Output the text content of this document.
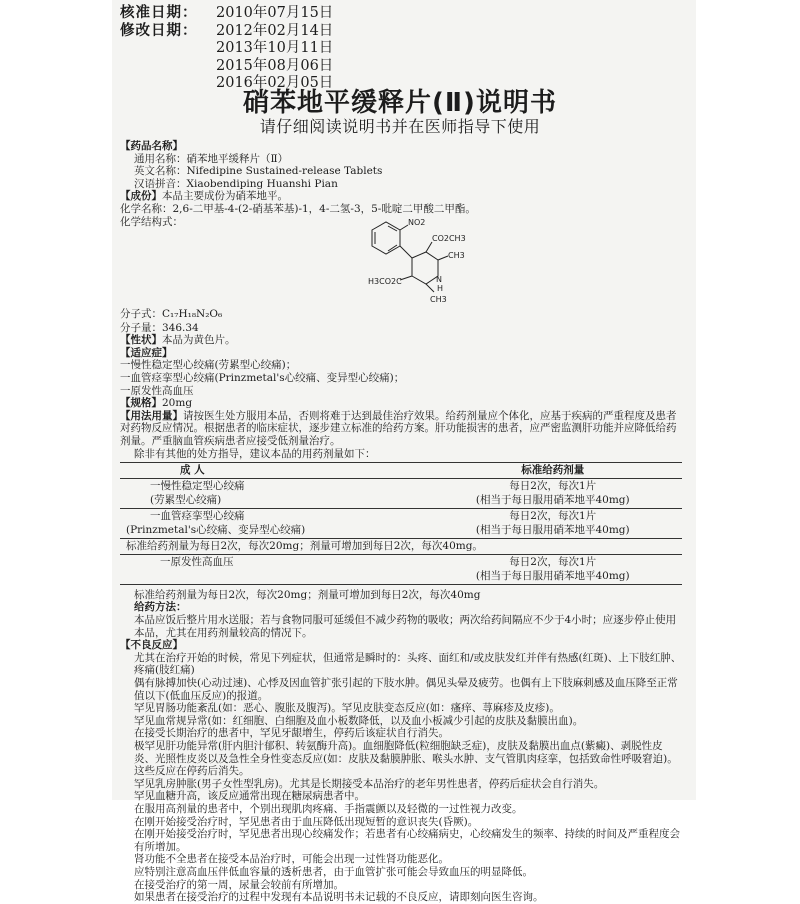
核准日期： 2010年07月15日
修改日期： 2012年02月14日
2013年10月11日
2015年08月06日
2016年02月05日
硝苯地平缓释片(Ⅱ)说明书
请仔细阅读说明书并在医师指导下使用

【药品名称】

通用名称：硝苯地平缓释片（Ⅱ）

英文名称：Nifedipine Sustained-release Tablets

汉语拼音：Xiaobendiping Huanshi Pian

【成份】本品主要成份为硝苯地平。

化学名称：2,6-二甲基-4-(2-硝基苯基)-1，4-二氢-3，5-吡啶二甲酸二甲酯。

化学结构式：	NO2
CO2CH3
CH3
H3CO2C	N
H
CH3

分子式：C₁₇H₁₈N₂O₆

分子量：346.34

【性状】本品为黄色片。

【适应症】

一慢性稳定型心绞痛(劳累型心绞痛)；

一血管痉挛型心绞痛(Prinzmetal's心绞痛、变异型心绞痛)；

一原发性高血压

【规格】20mg

【用法用量】请按医生处方服用本品，否则将难于达到最佳治疗效果。给药剂量应个体化，应基于疾病的严重程度及患者对药物反应情况。根据患者的临床症状，逐步建立标准的给药方案。肝功能损害的患者，应严密监测肝功能并应降低给药剂量。严重脑血管疾病患者应接受低剂量治疗。

除非有其他的处方指导，建议本品的用药剂量如下：

成 人	标准给药剂量
一慢性稳定型心绞痛	每日2次，每次1片
(劳累型心绞痛)	(相当于每日服用硝苯地平40mg)
一血管痉挛型心绞痛	每日2次，每次1片
(Prinzmetal's心绞痛、变异型心绞痛)	(相当于每日服用硝苯地平40mg)
标准给药剂量为每日2次，每次20mg；剂量可增加到每日2次，每次40mg。	
一原发性高血压	每日2次，每次1片
	(相当于每日服用硝苯地平40mg)

标准给药剂量为每日2次，每次20mg；剂量可增加到每日2次，每次40mg

给药方法：

本品应饭后整片用水送服；若与食物同服可延缓但不减少药物的吸收；两次给药间隔应不少于4小时；应逐步停止使用本品，尤其在用药剂量较高的情况下。

【不良反应】

尤其在治疗开始的时候，常见下列症状，但通常是瞬时的：头疼、面红和/或皮肤发红并伴有热感(红斑)、上下肢红肿、疼痛(肢红痛)

偶有脉搏加快(心动过速)、心悸及因血管扩张引起的下肢水肿。偶见头晕及疲劳。也偶有上下肢麻刺感及血压降至正常值以下(低血压反应)的报道。

罕见胃肠功能紊乱(如：恶心、腹胀及腹泻)。罕见皮肤变态反应(如：瘙痒、荨麻疹及皮疹)。

罕见血常规异常(如：红细胞、白细胞及血小板数降低，以及血小板减少引起的皮肤及黏膜出血)。

在接受长期治疗的患者中，罕见牙龈增生，停药后该症状自行消失。

极罕见肝功能异常(肝内胆汁郁积、转氨酶升高)。血细胞降低(粒细胞缺乏症)，皮肤及黏膜出血点(紫癜)、剥脱性皮炎、光照性皮炎以及急性全身性变态反应(如：皮肤及黏膜肿胀、喉头水肿、支气管肌肉痉挛，包括致命性呼吸窘迫)。这些反应在停药后消失。

罕见乳房肿胀(男子女性型乳房)。尤其是长期接受本品治疗的老年男性患者，停药后症状会自行消失。

罕见血糖升高，该反应通常出现在糖尿病患者中。

在服用高剂量的患者中，个别出现肌肉疼痛、手指震颤以及轻微的一过性视力改变。

在刚开始接受治疗时，罕见患者由于血压降低出现短暂的意识丧失(昏厥)。

在刚开始接受治疗时，罕见患者出现心绞痛发作；若患者有心绞痛病史，心绞痛发生的频率、持续的时间及严重程度会有所增加。

肾功能不全患者在接受本品治疗时，可能会出现一过性肾功能恶化。

应特别注意高血压伴低血容量的透析患者，由于血管扩张可能会导致血压的明显降低。

在接受治疗的第一周，尿量会较前有所增加。

如果患者在接受治疗的过程中发现有本品说明书未记载的不良反应，请即刻向医生咨询。
